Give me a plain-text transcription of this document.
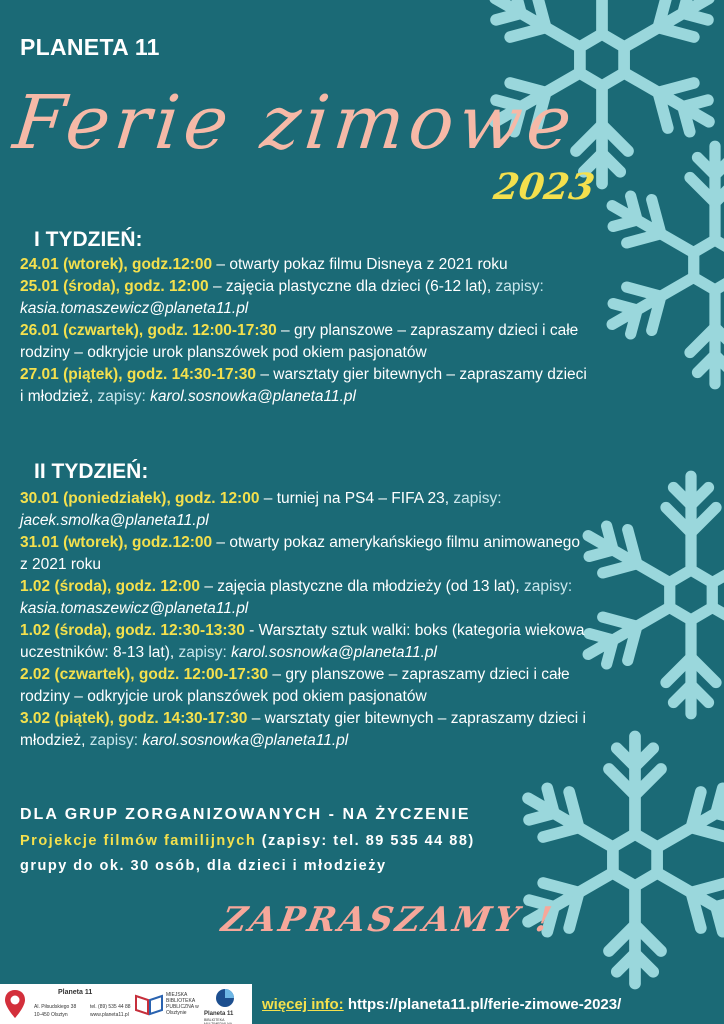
PLANETA 11
Ferie zimowe
2023
I TYDZIEŃ:

24.01 (wtorek), godz.12:00 – otwarty pokaz filmu Disneya z 2021 roku

25.01 (środa), godz. 12:00 – zajęcia plastyczne dla dzieci (6-12 lat), zapisy: kasia.tomaszewicz@planeta11.pl

26.01 (czwartek), godz. 12:00-17:30 – gry planszowe – zapraszamy dzieci i całe rodziny – odkryjcie urok planszówek pod okiem pasjonatów

27.01 (piątek), godz. 14:30-17:30 – warsztaty gier bitewnych – zapraszamy dzieci i młodzież, zapisy: karol.sosnowka@planeta11.pl

II TYDZIEŃ:

30.01 (poniedziałek), godz. 12:00 – turniej na PS4 – FIFA 23, zapisy: jacek.smolka@planeta11.pl

31.01 (wtorek), godz.12:00 – otwarty pokaz amerykańskiego filmu animowanego z 2021 roku

1.02 (środa), godz. 12:00 – zajęcia plastyczne dla młodzieży (od 13 lat), zapisy: kasia.tomaszewicz@planeta11.pl

1.02 (środa), godz. 12:30-13:30 - Warsztaty sztuk walki: boks (kategoria wiekowa uczestników: 8-13 lat), zapisy: karol.sosnowka@planeta11.pl

2.02 (czwartek), godz. 12:00-17:30 – gry planszowe – zapraszamy dzieci i całe rodziny – odkryjcie urok planszówek pod okiem pasjonatów

3.02 (piątek), godz. 14:30-17:30 – warsztaty gier bitewnych – zapraszamy dzieci i młodzież, zapisy: karol.sosnowka@planeta11.pl

DLA GRUP ZORGANIZOWANYCH - NA ŻYCZENIE
Projekcje filmów familijnych (zapisy: tel. 89 535 44 88)
grupy do ok. 30 osób, dla dzieci i młodzieży
ZAPRASZAMY !
Planeta 11
Al. Piłsudskiego 38
10-450 Olsztyn
tel. (89) 535 44 88
www.planeta11.pl
MIEJSKA BIBLIOTEKA PUBLICZNA w Olsztynie	Planeta 11
BIBLIOTEKA MULTIMEDIALNA
więcej info: https://planeta11.pl/ferie-zimowe-2023/
